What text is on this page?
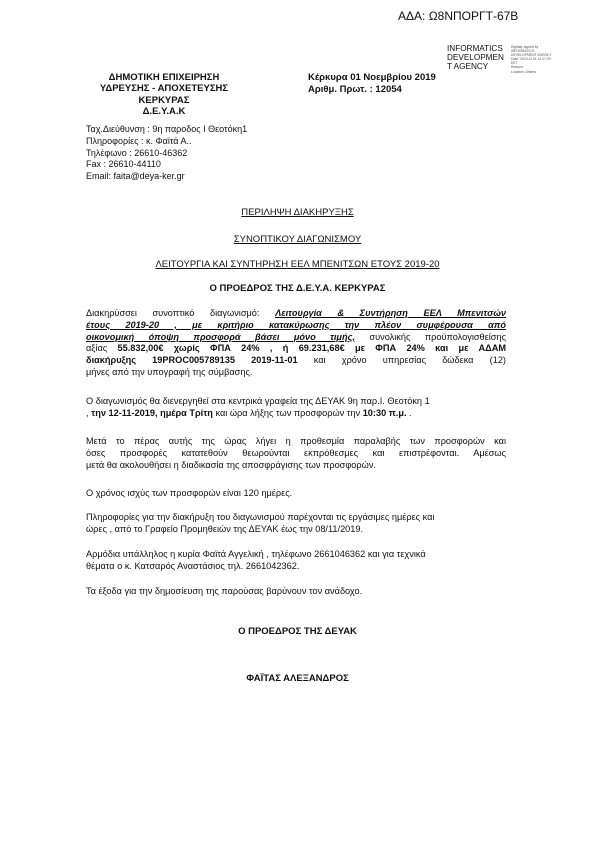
ΑΔΑ: Ω8ΝΠΟΡΓΤ-67Β
INFORMATICS
DEVELOPMEN
T AGENCY
Digitally signed by
INFORMATICS
DEVELOPMENT AGENCY
Date: 2019.11.01 11:17:29
EET
Reason:
Location: Athens
ΔΗΜΟΤΙΚΗ ΕΠΙΧΕΙΡΗΣΗ
ΥΔΡΕΥΣΗΣ - ΑΠΟΧΕΤΕΥΣΗΣ
ΚΕΡΚΥΡΑΣ
Δ.Ε.Υ.Α.Κ
Ταχ.Διεύθυνση : 9η παροδος Ι Θεοτόκη1
Πληροφορίες : κ. Φαϊτά Α..
Τηλέφωνο : 26610-46362
Fax : 26610-44110
Email: faita@deya-ker.gr
Κέρκυρα 01 Νοεμβρίου 2019
Αριθμ. Πρωτ. : 12054
ΠΕΡΙΛΗΨΗ ΔΙΑΚΗΡΥΞΗΣ
ΣΥΝΟΠΤΙΚΟΥ ΔΙΑΓΩΝΙΣΜΟΥ
ΛΕΙΤΟΥΡΓΙΑ ΚΑΙ ΣΥΝΤΗΡΗΣΗ ΕΕΛ ΜΠΕΝΙΤΣΩΝ ΕΤΟΥΣ 2019-20
Ο ΠΡΟΕΔΡΟΣ ΤΗΣ Δ.Ε.Υ.Α. ΚΕΡΚΥΡΑΣ
Διακηρύσσει συνοπτικό διαγωνισμό: Λειτουργία & Συντήρηση ΕΕΛ Μπενιτσών
έτους 2019-20 , με κριτήριο κατακύρωσης την πλέον συμφέρουσα από
οικονομική όποψη προσφορά βάσει μόνο τιμής, συνολικής προϋπολογισθείσης
αξίας 55.832,00€ χωρίς ΦΠΑ 24% , ή 69.231,68€ με ΦΠΑ 24% και με ΑΔΑΜ
διακήρυξης 19PROC005789135 2019-11-01 και χρόνο υπηρεσίας δώδεκα (12)
μήνες από την υπογραφή της σύμβασης.
Ο διαγωνισμός θα διενεργηθεί στα κεντρικά γραφεία της ΔΕΥΑΚ 9η παρ.Ι. Θεοτόκη 1
, την 12-11-2019, ημέρα Τρίτη και ώρα λήξης των προσφορών την 10:30 π.μ. .
Μετά το πέρας αυτής της ώρας λήγει η προθεσμία παραλαβής των προσφορών και
όσες προσφορές κατατεθούν θεωρούνται εκπρόθεσμες και επιστρέφονται. Αμέσως
μετά θα ακολουθήσει η διαδικασία της αποσφράγισης των προσφορών.
Ο χρόνος ισχύς των προσφορών είναι 120 ημέρες.
Πληροφορίες για την διακήρυξη του διαγωνισμού παρέχονται τις εργάσιμες ημέρες και
ώρες , από το Γραφείο Προμηθειών της ΔΕΥΑΚ έως την 08/11/2019.
Αρμόδια υπάλληλος η κυρία Φαϊτά Αγγελική , τηλέφωνο 2661046362 και για τεχνικά
θέματα ο κ. Κατσαρός Αναστάσιος τηλ. 2661042362.
Τα έξοδα για την δημοσίευση της παρούσας βαρύνουν τον ανάδοχο.
Ο ΠΡΟΕΔΡΟΣ ΤΗΣ ΔΕΥΑΚ
ΦΑΪΤΑΣ ΑΛΕΞΑΝΔΡΟΣ
